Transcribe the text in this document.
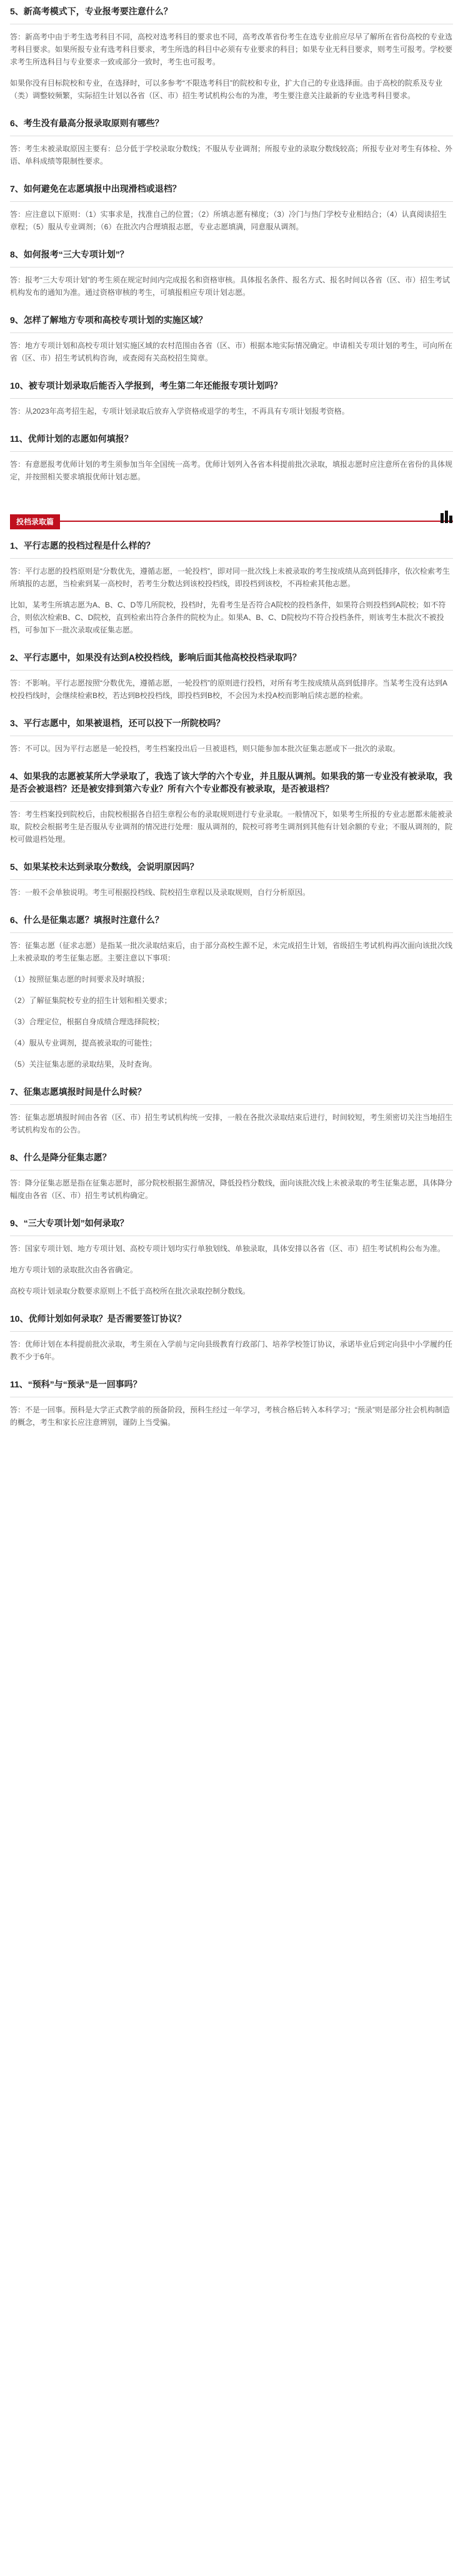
5、新高考模式下，专业报考要注意什么？

答：新高考中由于考生选考科目不同，高校对选考科目的要求也不同，高考改革省份考生在选专业前应尽早了解所在省份高校的专业选考科目要求。如果所报专业有选考科目要求，考生所选的科目中必须有专业要求的科目；如果专业无科目要求，则考生可报考。学校要求考生所选科目与专业要求一致或部分一致时，考生也可报考。

如果你没有目标院校和专业，在选择时，可以多参考“不限选考科目”的院校和专业，扩大自己的专业选择面。由于高校的院系及专业（类）调整较频繁，实际招生计划以各省（区、市）招生考试机构公布的为准，考生要注意关注最新的专业选考科目要求。

6、考生没有最高分报录取原则有哪些？

答：考生未被录取原因主要有：总分低于学校录取分数线；不服从专业调剂；所报专业的录取分数线较高；所报专业对考生有体检、外语、单科成绩等限制性要求。

7、如何避免在志愿填报中出现滑档或退档？

答：应注意以下原则：（1）实事求是，找准自己的位置；（2）所填志愿有梯度；（3）冷门与热门学校专业相结合；（4）认真阅读招生章程；（5）服从专业调剂；（6）在批次内合理填报志愿，专业志愿填满，同意服从调剂。

8、如何报考“三大专项计划”？

答：报考“三大专项计划”的考生须在规定时间内完成报名和资格审核。具体报名条件、报名方式、报名时间以各省（区、市）招生考试机构发布的通知为准。通过资格审核的考生，可填报相应专项计划志愿。

9、怎样了解地方专项和高校专项计划的实施区域？

答：地方专项计划和高校专项计划实施区域的农村范围由各省（区、市）根据本地实际情况确定。申请相关专项计划的考生，可向所在省（区、市）招生考试机构咨询，或查阅有关高校招生简章。

10、被专项计划录取后能否入学报到，考生第二年还能报专项计划吗？

答：从2023年高考招生起，专项计划录取后放弃入学资格或退学的考生，不再具有专项计划报考资格。

11、优师计划的志愿如何填报？

答：有意愿报考优师计划的考生须参加当年全国统一高考。优师计划列入各省本科提前批次录取，填报志愿时应注意所在省份的具体规定，并按照相关要求填报优师计划志愿。

投档录取篇

1、平行志愿的投档过程是什么样的？

答：平行志愿的投档原则是“分数优先，遵循志愿，一轮投档”，即对同一批次线上未被录取的考生按成绩从高到低排序，依次检索考生所填报的志愿，当检索到某一高校时，若考生分数达到该校投档线，即投档到该校，不再检索其他志愿。

比如，某考生所填志愿为A、B、C、D等几所院校，投档时，先看考生是否符合A院校的投档条件，如果符合则投档到A院校；如不符合，则依次检索B、C、D院校，直到检索出符合条件的院校为止。如果A、B、C、D院校均不符合投档条件，则该考生本批次不被投档，可参加下一批次录取或征集志愿。

2、平行志愿中，如果没有达到A校投档线，影响后面其他高校投档录取吗？

答：不影响。平行志愿按照“分数优先，遵循志愿，一轮投档”的原则进行投档，对所有考生按成绩从高到低排序。当某考生没有达到A校投档线时，会继续检索B校，若达到B校投档线，即投档到B校，不会因为未投A校而影响后续志愿的检索。

3、平行志愿中，如果被退档，还可以投下一所院校吗？

答：不可以。因为平行志愿是一轮投档，考生档案投出后一旦被退档，则只能参加本批次征集志愿或下一批次的录取。

4、如果我的志愿被某所大学录取了，我选了该大学的六个专业，并且服从调剂。如果我的第一专业没有被录取，我是否会被退档？还是被安排到第六专业？所有六个专业都没有被录取，是否被退档？

答：考生档案投到院校后，由院校根据各自招生章程公布的录取规则进行专业录取。一般情况下，如果考生所报的专业志愿都未能被录取，院校会根据考生是否服从专业调剂的情况进行处理：服从调剂的，院校可将考生调剂到其他有计划余额的专业；不服从调剂的，院校可做退档处理。

5、如果某校未达到录取分数线，会说明原因吗？

答：一般不会单独说明。考生可根据投档线、院校招生章程以及录取规则，自行分析原因。

6、什么是征集志愿？填报时注意什么？

答：征集志愿（征求志愿）是指某一批次录取结束后，由于部分高校生源不足，未完成招生计划，省级招生考试机构再次面向该批次线上未被录取的考生征集志愿。主要注意以下事项：

（1）按照征集志愿的时间要求及时填报；

（2）了解征集院校专业的招生计划和相关要求；

（3）合理定位，根据自身成绩合理选择院校；

（4）服从专业调剂，提高被录取的可能性；

（5）关注征集志愿的录取结果，及时查询。

7、征集志愿填报时间是什么时候？

答：征集志愿填报时间由各省（区、市）招生考试机构统一安排，一般在各批次录取结束后进行，时间较短，考生须密切关注当地招生考试机构发布的公告。

8、什么是降分征集志愿？

答：降分征集志愿是指在征集志愿时，部分院校根据生源情况，降低投档分数线，面向该批次线上未被录取的考生征集志愿，具体降分幅度由各省（区、市）招生考试机构确定。

9、“三大专项计划”如何录取？

答：国家专项计划、地方专项计划、高校专项计划均实行单独划线、单独录取，具体安排以各省（区、市）招生考试机构公布为准。

地方专项计划的录取批次由各省确定。

高校专项计划录取分数要求原则上不低于高校所在批次录取控制分数线。

10、优师计划如何录取？是否需要签订协议？

答：优师计划在本科提前批次录取，考生须在入学前与定向县级教育行政部门、培养学校签订协议，承诺毕业后到定向县中小学履约任教不少于6年。

11、“预科”与“预录”是一回事吗？

答：不是一回事。预科是大学正式教学前的预备阶段，预科生经过一年学习，考核合格后转入本科学习；“预录”则是部分社会机构制造的概念，考生和家长应注意辨别，谨防上当受骗。
